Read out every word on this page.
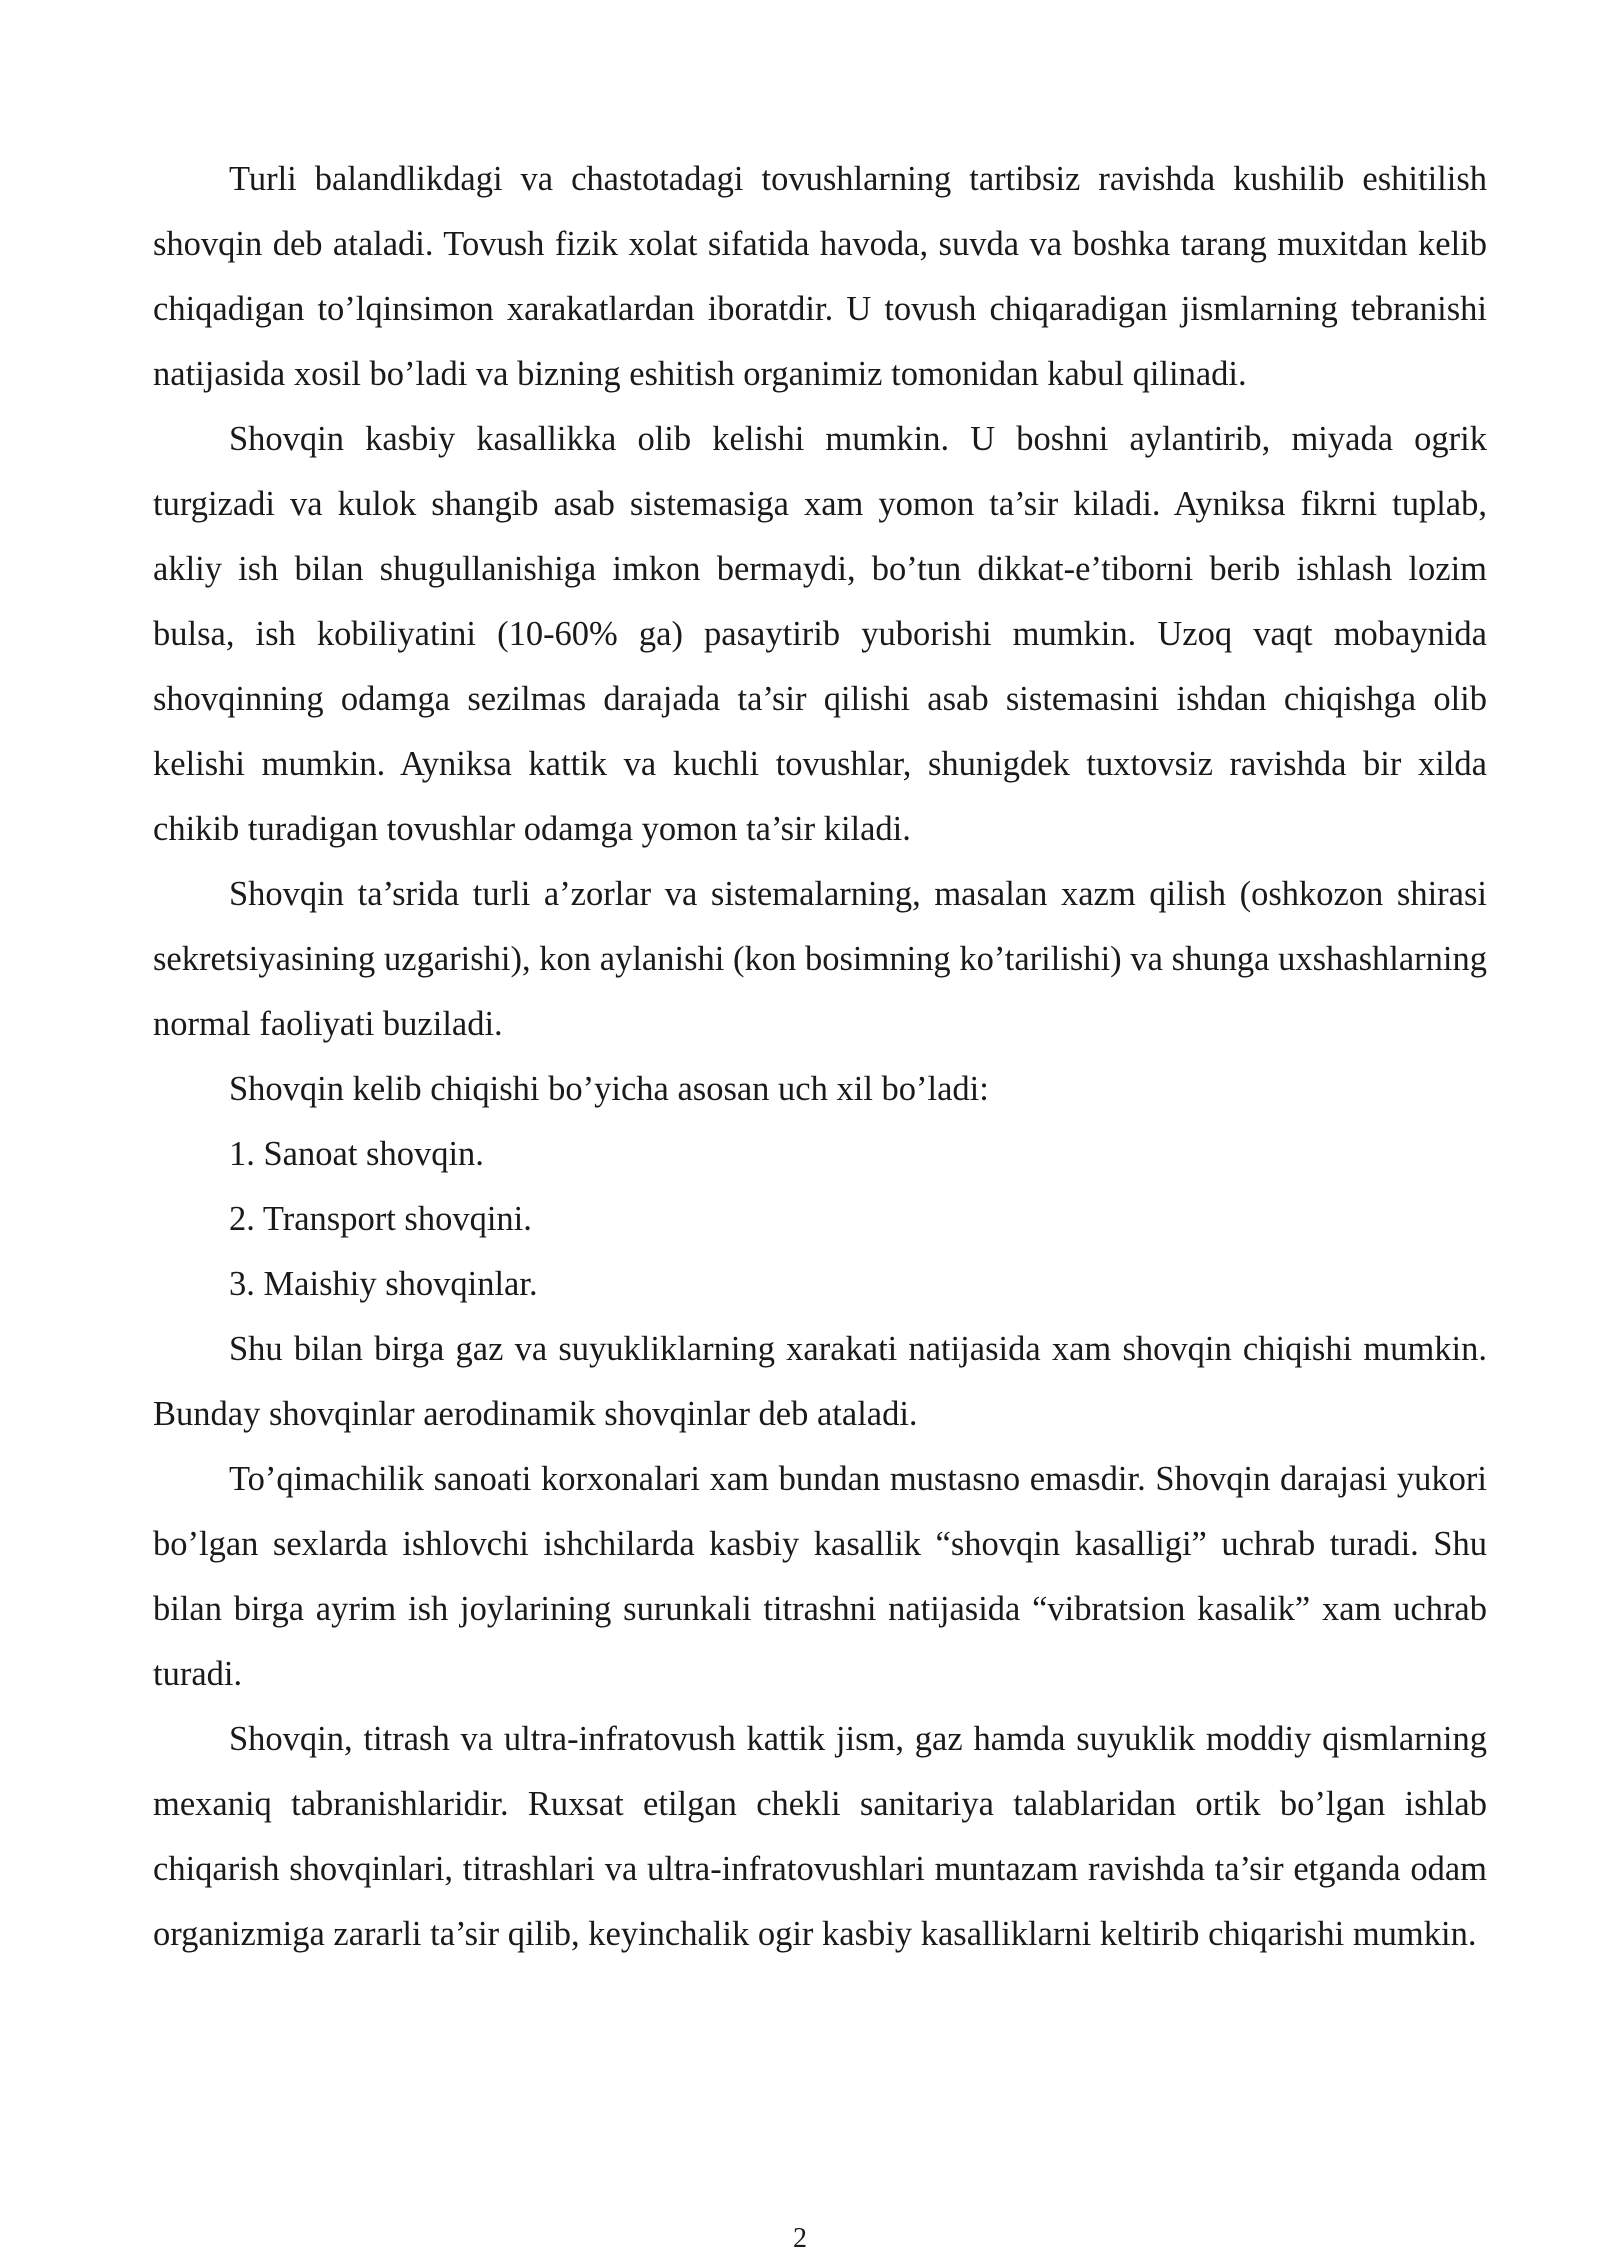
Turli balandlikdagi va chastotadagi tovushlarning tartibsiz ravishda kushilib eshitilish shovqin deb ataladi. Tovush fizik xolat sifatida havoda, suvda va boshka tarang muxitdan kelib chiqadigan to’lqinsimon xarakatlardan iboratdir. U tovush chiqaradigan jismlarning tebranishi natijasida xosil bo’ladi va bizning eshitish organimiz tomonidan kabul qilinadi.

Shovqin kasbiy kasallikka olib kelishi mumkin. U boshni aylantirib, miyada ogrik turgizadi va kulok shangib asab sistemasiga xam yomon ta’sir kiladi. Ayniksa fikrni tuplab, akliy ish bilan shugullanishiga imkon bermaydi, bo’tun dikkat-e’tiborni berib ishlash lozim bulsa, ish kobiliyatini (10-60% ga) pasaytirib yuborishi mumkin. Uzoq vaqt mobaynida shovqinning odamga sezilmas darajada ta’sir qilishi asab sistemasini ishdan chiqishga olib kelishi mumkin. Ayniksa kattik va kuchli tovushlar, shunigdek tuxtovsiz ravishda bir xilda chikib turadigan tovushlar odamga yomon ta’sir kiladi.

Shovqin ta’srida turli a’zorlar va sistemalarning, masalan xazm qilish (oshkozon shirasi sekretsiyasining uzgarishi), kon aylanishi (kon bosimning ko’tarilishi) va shunga uxshashlarning normal faoliyati buziladi.

Shovqin kelib chiqishi bo’yicha asosan uch xil bo’ladi:

1. Sanoat shovqin.

2. Transport shovqini.

3. Maishiy shovqinlar.

Shu bilan birga gaz va suyukliklarning xarakati natijasida xam shovqin chiqishi mumkin. Bunday shovqinlar aerodinamik shovqinlar deb ataladi.

To’qimachilik sanoati korxonalari xam bundan mustasno emasdir. Shovqin darajasi yukori bo’lgan sexlarda ishlovchi ishchilarda kasbiy kasallik “shovqin kasalligi” uchrab turadi. Shu bilan birga ayrim ish joylarining surunkali titrashni natijasida “vibratsion kasalik” xam uchrab turadi.

Shovqin, titrash va ultra-infratovush kattik jism, gaz hamda suyuklik moddiy qismlarning mexaniq tabranishlaridir. Ruxsat etilgan chekli sanitariya talablaridan ortik bo’lgan ishlab chiqarish shovqinlari, titrashlari va ultra-infratovushlari muntazam ravishda ta’sir etganda odam organizmiga zararli ta’sir qilib, keyinchalik ogir kasbiy kasalliklarni keltirib chiqarishi mumkin.

2
